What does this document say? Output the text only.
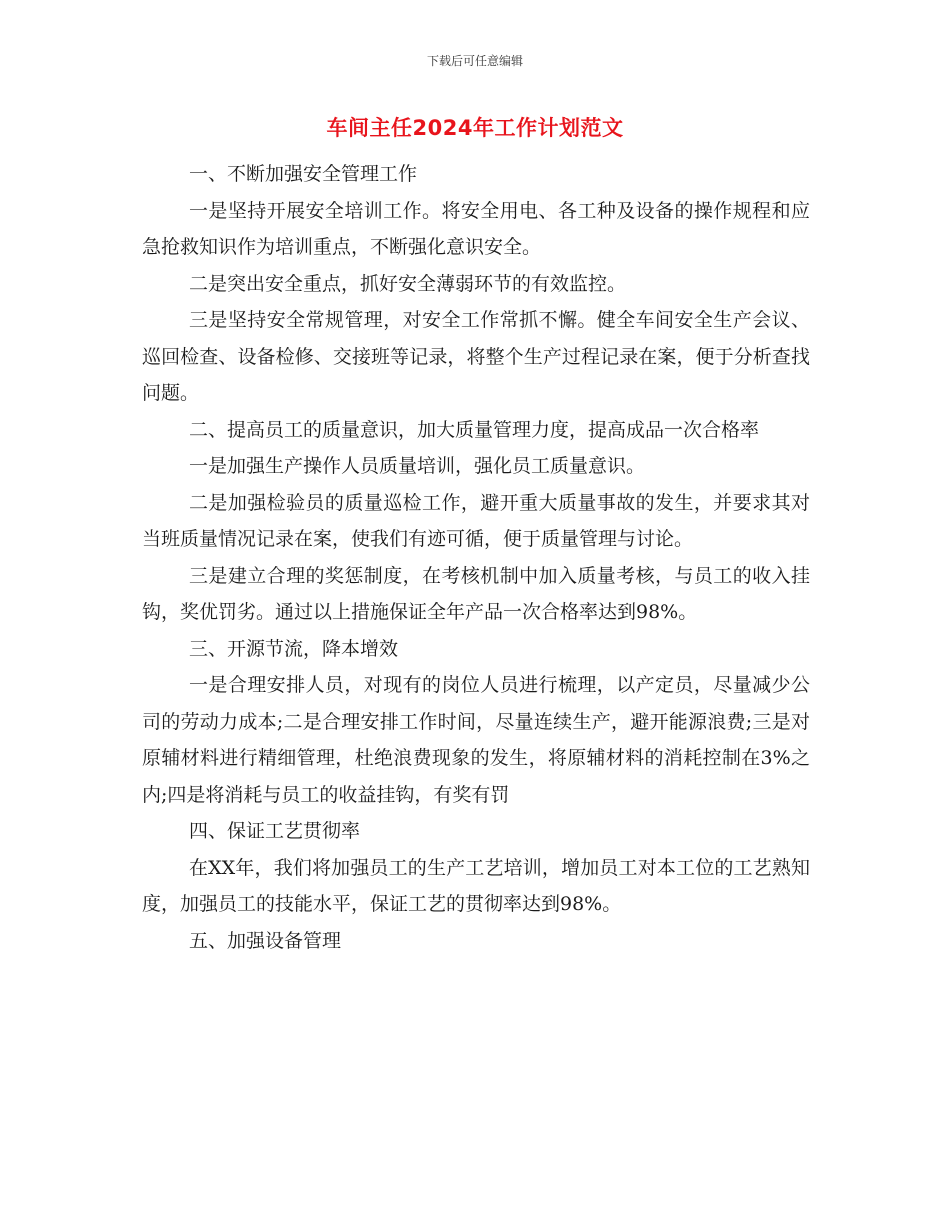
下载后可任意编辑
车间主任2024年工作计划范文

一、不断加强安全管理工作

一是坚持开展安全培训工作。将安全用电、各工种及设备的操作规程和应急抢救知识作为培训重点，不断强化意识安全。

二是突出安全重点，抓好安全薄弱环节的有效监控。

三是坚持安全常规管理，对安全工作常抓不懈。健全车间安全生产会议、巡回检查、设备检修、交接班等记录，将整个生产过程记录在案，便于分析查找问题。

二、提高员工的质量意识，加大质量管理力度，提高成品一次合格率

一是加强生产操作人员质量培训，强化员工质量意识。

二是加强检验员的质量巡检工作，避开重大质量事故的发生，并要求其对当班质量情况记录在案，使我们有迹可循，便于质量管理与讨论。

三是建立合理的奖惩制度，在考核机制中加入质量考核，与员工的收入挂钩，奖优罚劣。通过以上措施保证全年产品一次合格率达到98%。

三、开源节流，降本增效

一是合理安排人员，对现有的岗位人员进行梳理，以产定员，尽量减少公司的劳动力成本;二是合理安排工作时间，尽量连续生产，避开能源浪费;三是对原辅材料进行精细管理，杜绝浪费现象的发生，将原辅材料的消耗控制在3%之内;四是将消耗与员工的收益挂钩，有奖有罚

四、保证工艺贯彻率

在XX年，我们将加强员工的生产工艺培训，增加员工对本工位的工艺熟知度，加强员工的技能水平，保证工艺的贯彻率达到98%。

五、加强设备管理
